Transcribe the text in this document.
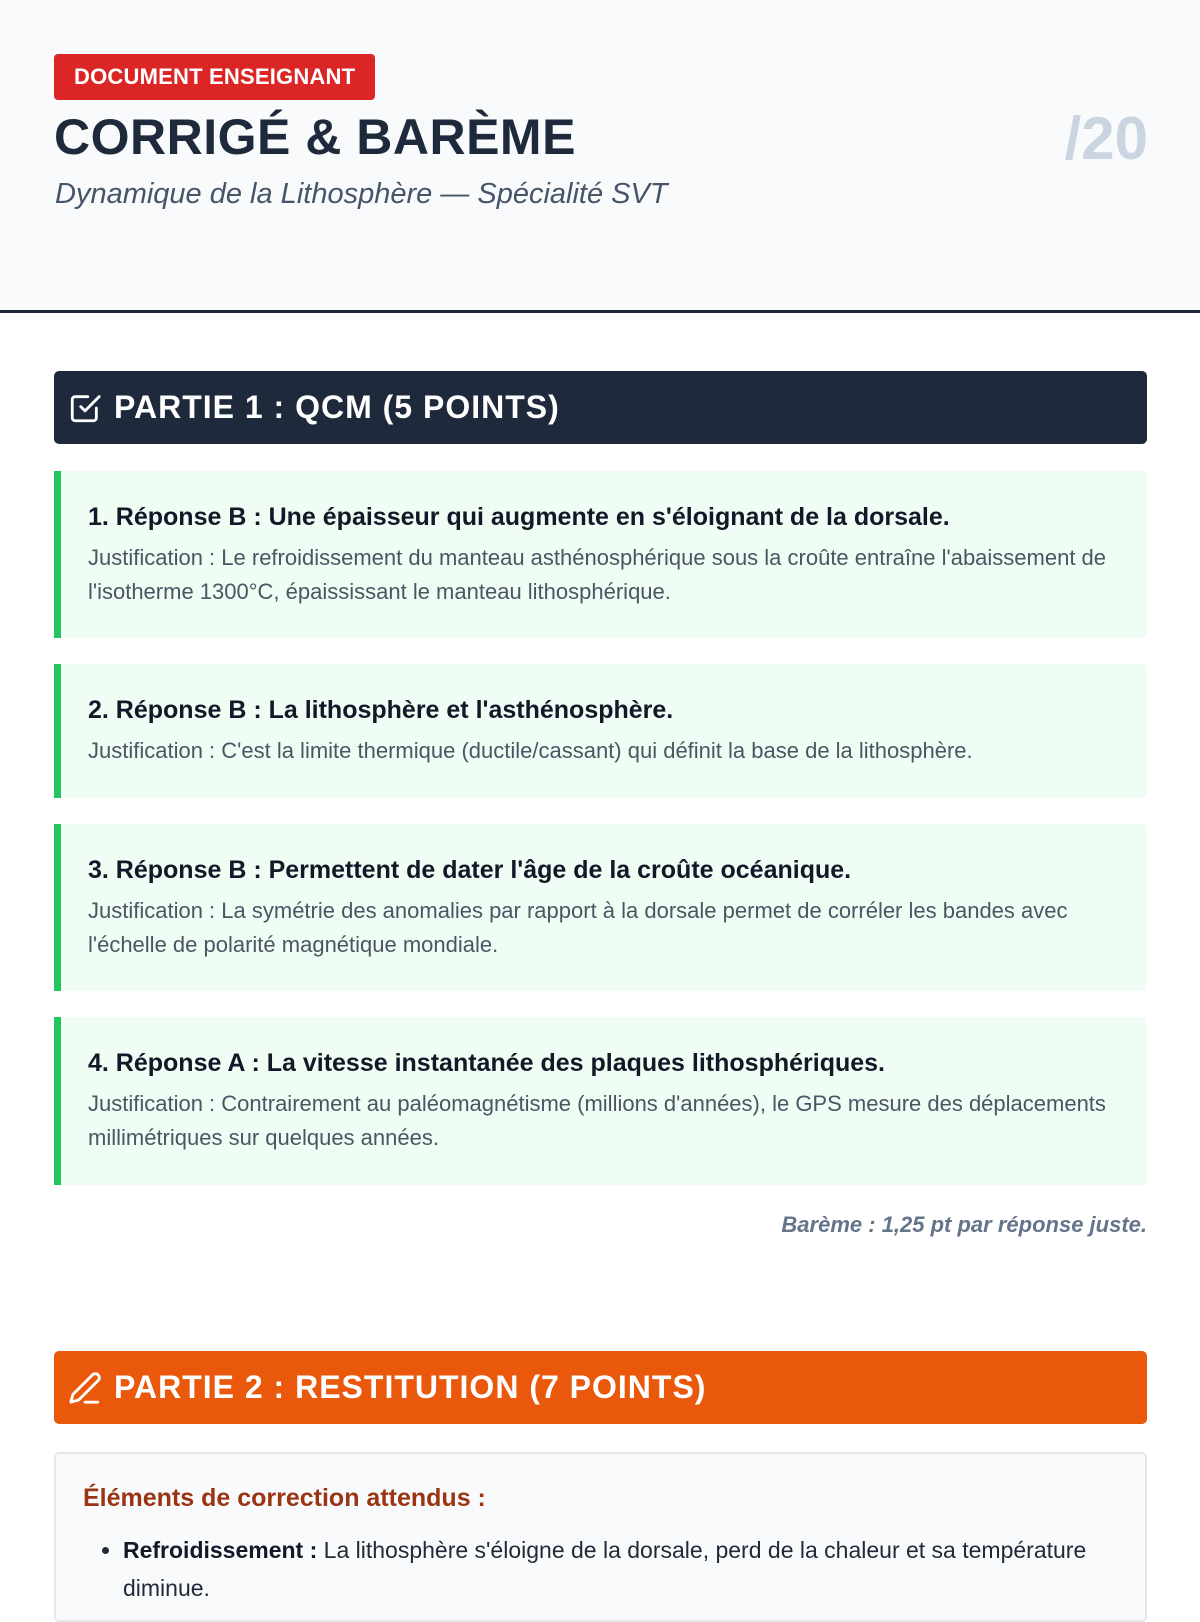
DOCUMENT ENSEIGNANT
CORRIGÉ & BARÈME

Dynamique de la Lithosphère — Spécialité SVT

/20
PARTIE 1 : QCM (5 POINTS)

1. Réponse B : Une épaisseur qui augmente en s'éloignant de la dorsale.

Justification : Le refroidissement du manteau asthénosphérique sous la croûte entraîne l'abaissement de l'isotherme 1300°C, épaississant le manteau lithosphérique.

2. Réponse B : La lithosphère et l'asthénosphère.

Justification : C'est la limite thermique (ductile/cassant) qui définit la base de la lithosphère.

3. Réponse B : Permettent de dater l'âge de la croûte océanique.

Justification : La symétrie des anomalies par rapport à la dorsale permet de corréler les bandes avec l'échelle de polarité magnétique mondiale.

4. Réponse A : La vitesse instantanée des plaques lithosphériques.

Justification : Contrairement au paléomagnétisme (millions d'années), le GPS mesure des déplacements millimétriques sur quelques années.

Barème : 1,25 pt par réponse juste.
PARTIE 2 : RESTITUTION (7 POINTS)

Éléments de correction attendus :

• Refroidissement : La lithosphère s'éloigne de la dorsale, perd de la chaleur et sa température diminue.
